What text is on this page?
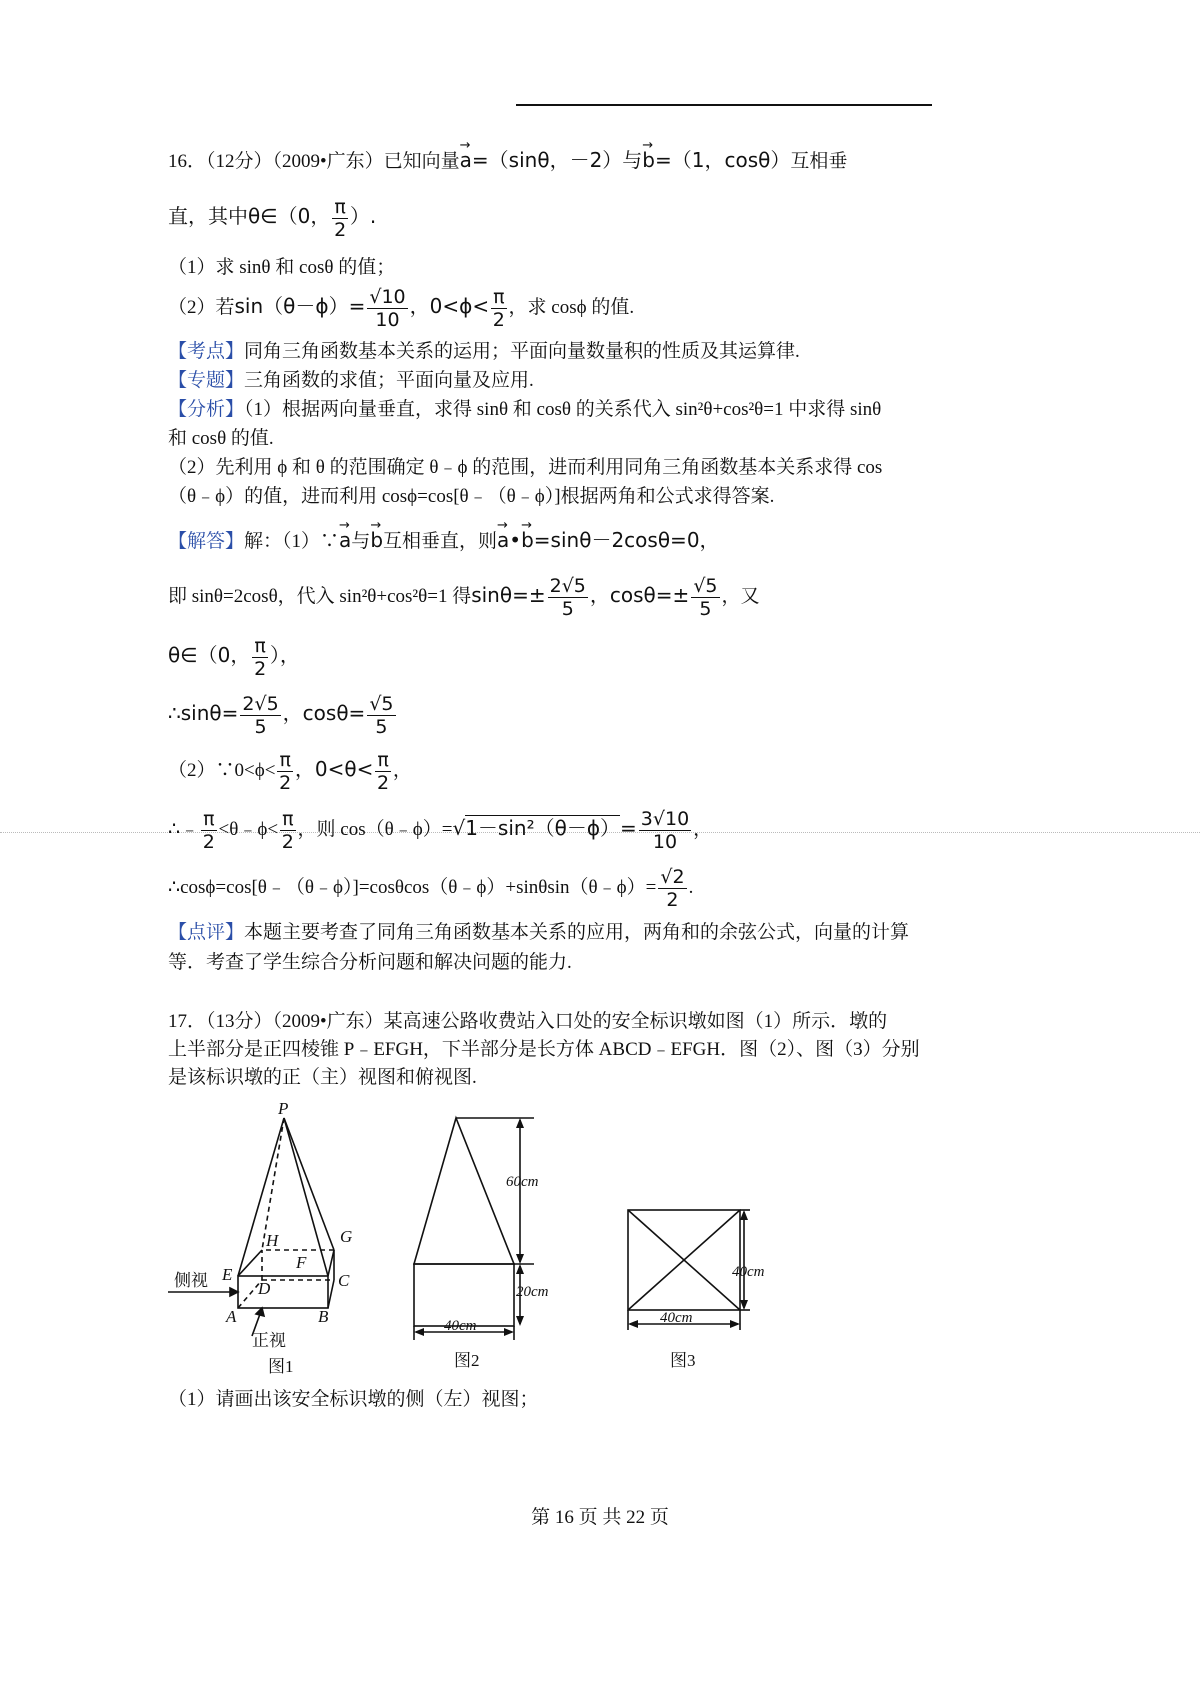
16．（12分）（2009•广东）已知向量→ a=（sinθ，－2）与→ b=（1，cosθ）互相垂
直，其中θ∈（0， $\frac{\pi}{2}$ ）.
（1）求 sinθ 和 cosθ 的值；
（2）若$\sin(\theta-\phi)= \frac{√10}{10}$ ，$0<\phi< \frac{\pi}{2}$ ，求 cosϕ 的值.
【考点】同角三角函数基本关系的运用；平面向量数量积的性质及其运算律.
【专题】三角函数的求值；平面向量及应用.
【分析】（1）根据两向量垂直，求得 sinθ 和 cosθ 的关系代入 sin²θ+cos²θ=1 中求得 sinθ
和 cosθ 的值.
（2）先利用 ϕ 和 θ 的范围确定 θ﹣ϕ 的范围，进而利用同角三角函数基本关系求得 cos
（θ﹣ϕ）的值，进而利用 cosϕ=cos[θ﹣（θ﹣ϕ）]根据两角和公式求得答案.
【解答】解：（1）∵→ a与→ b互相垂直，则→ a•→ b=sinθ－2cosθ=0，
即 sinθ=2cosθ，代入 sin²θ+cos²θ=1 得$\sin\theta=\pm \frac{2√5}{5}$ ，$\cos\theta=\pm \frac{√5}{5}$ ，又
θ∈（0， $\frac{\pi}{2}$ ），
∴sinθ= $\frac{2√5}{5}$ ，$\cos\theta= \frac{√5}{5}$
（2）∵0<ϕ< $\frac{\pi}{2}$ ，$0<\theta< \frac{\pi}{2}$ ，
∴﹣ $\frac{\pi}{2}$ <θ﹣ϕ< $\frac{\pi}{2}$ ，则 cos（θ﹣ϕ）=√1－sin²（θ－ϕ）= $\frac{3√10}{10}$ ，
∴cosϕ=cos[θ﹣（θ﹣ϕ）]=cosθcos（θ﹣ϕ）+sinθsin（θ﹣ϕ）= $\frac{√2}{2}$ .
【点评】本题主要考查了同角三角函数基本关系的应用，两角和的余弦公式，向量的计算
等．考查了学生综合分析问题和解决问题的能力.
17．（13分）（2009•广东）某高速公路收费站入口处的安全标识墩如图（1）所示．墩的
上半部分是正四棱锥 P﹣EFGH，下半部分是长方体 ABCD﹣EFGH．图（2）、图（3）分别
是该标识墩的正（主）视图和俯视图.
P
H	G
F
E	C
D
A	B
侧视
正视
图1
60cm
20cm
40cm
图2
40cm
40cm
图3
（1）请画出该安全标识墩的侧（左）视图；
第 16 页 共 22 页
